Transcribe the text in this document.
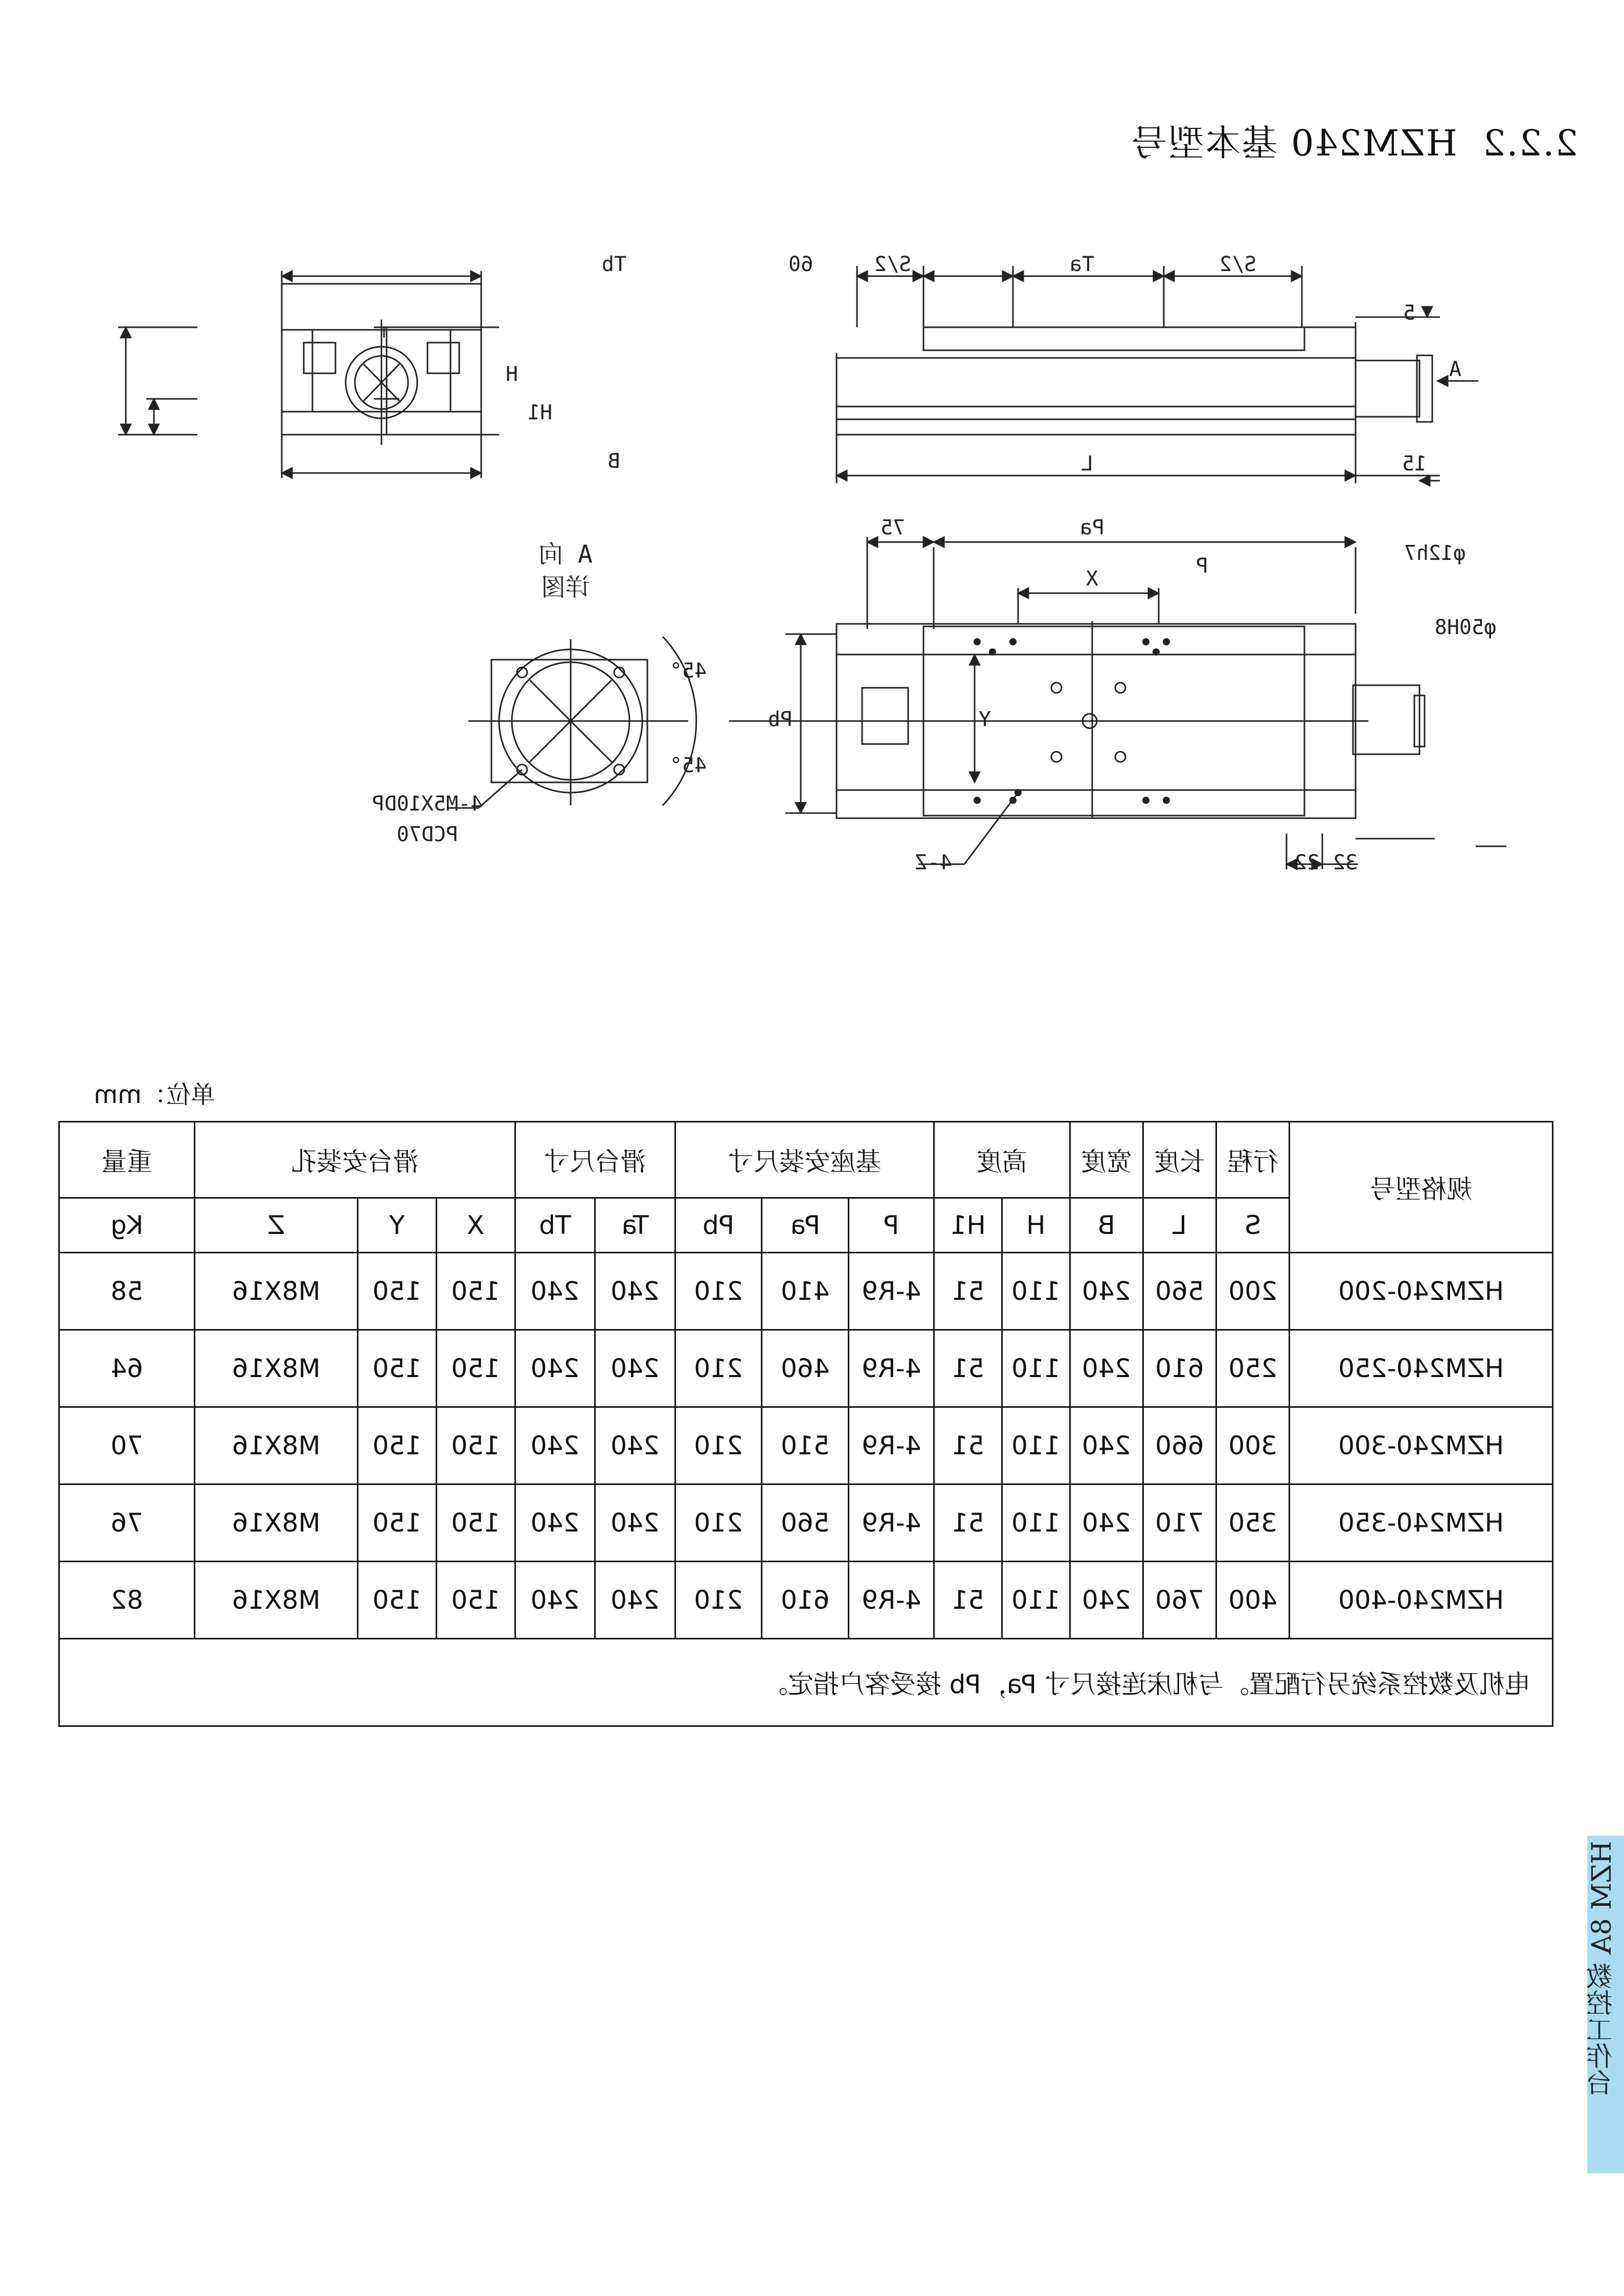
2.2.2HZM240 基本型号
Tb
H
H1
B
S/2
60	Ta	S/2
5
A
L	15
A 向
详图
45°
45°
4-M5X10DP
PCD70
Pa
75
P
X
Y
Pb
φ12h7
φ50H8
4-Z	22 32
单位：mm
规格型号	行程	长度	宽度	高度		基座安装尺寸			滑台尺寸		滑台安装孔			重量
	S	L	B	H	H1	P	Pa	Pb	Ta	Tb	X	Y	Z	Kg
HZM240-200	200	560	240	110	51	4-R9	410	210	240	240	150	150	M8X16	58
HZM240-250	250	610	240	110	51	4-R9	460	210	240	240	150	150	M8X16	64
HZM240-300	300	660	240	110	51	4-R9	510	210	240	240	150	150	M8X16	70
HZM240-350	350	710	240	110	51	4-R9	560	210	240	240	150	150	M8X16	76
HZM240-400	400	760	240	110	51	4-R9	610	210	240	240	150	150	M8X16	82
电机及数控系统另行配置。与机床连接尺寸 Pa，Pb 接受客户指定。														
HZM 8A 数控工作台
